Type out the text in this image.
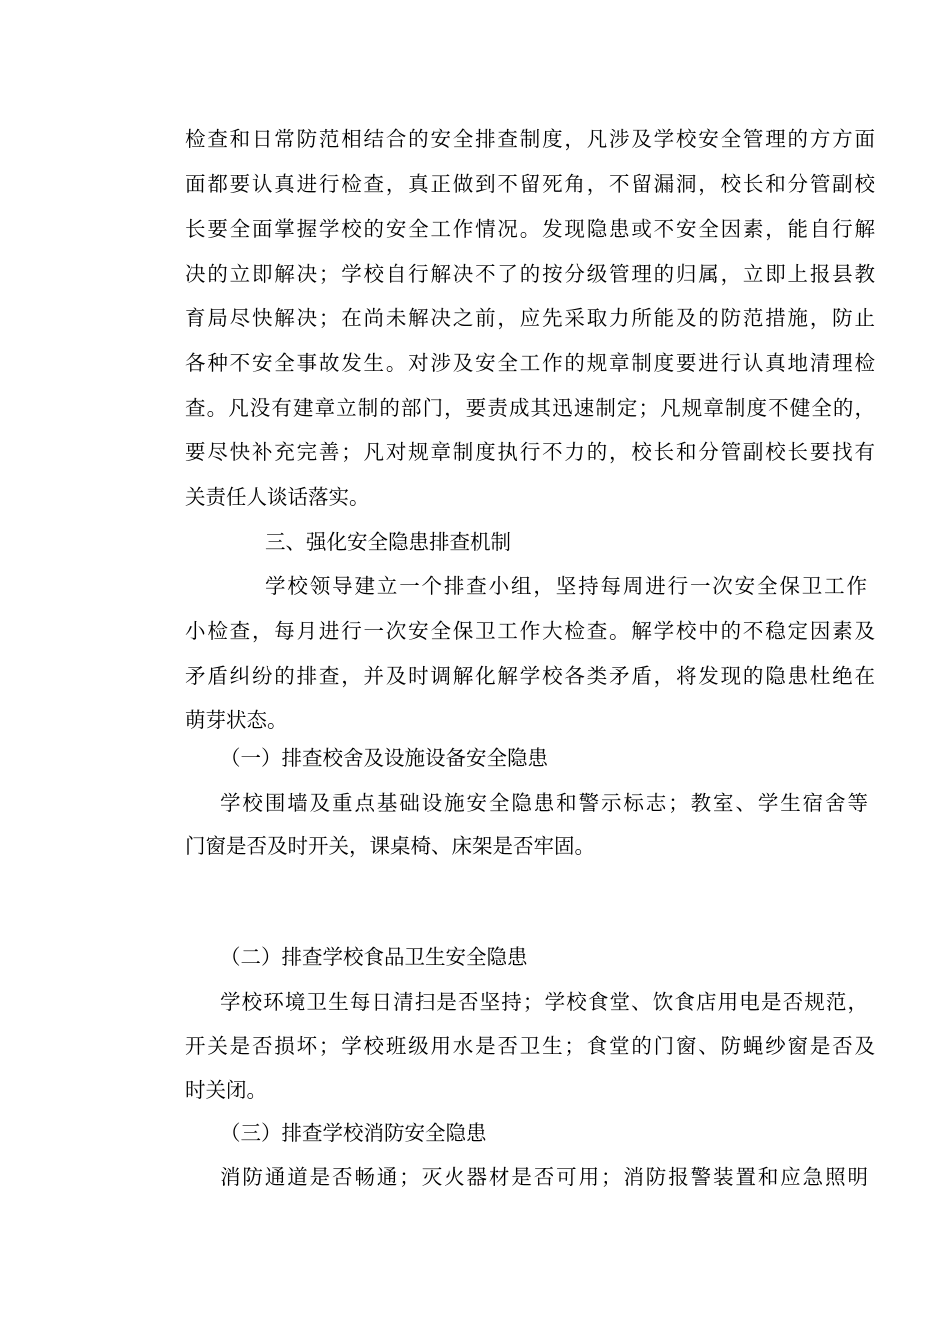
检查和日常防范相结合的安全排查制度，凡涉及学校安全管理的方方面
面都要认真进行检查，真正做到不留死角，不留漏洞，校长和分管副校
长要全面掌握学校的安全工作情况。发现隐患或不安全因素，能自行解
决的立即解决；学校自行解决不了的按分级管理的归属，立即上报县教
育局尽快解决；在尚未解决之前，应先采取力所能及的防范措施，防止
各种不安全事故发生。对涉及安全工作的规章制度要进行认真地清理检
查。凡没有建章立制的部门，要责成其迅速制定；凡规章制度不健全的，
要尽快补充完善；凡对规章制度执行不力的，校长和分管副校长要找有
关责任人谈话落实。
三、强化安全隐患排查机制
学校领导建立一个排查小组，坚持每周进行一次安全保卫工作
小检查，每月进行一次安全保卫工作大检查。解学校中的不稳定因素及
矛盾纠纷的排查，并及时调解化解学校各类矛盾，将发现的隐患杜绝在
萌芽状态。
（一）排查校舍及设施设备安全隐患
学校围墙及重点基础设施安全隐患和警示标志；教室、学生宿舍等
门窗是否及时开关，课桌椅、床架是否牢固。
（二）排查学校食品卫生安全隐患
学校环境卫生每日清扫是否坚持；学校食堂、饮食店用电是否规范，
开关是否损坏；学校班级用水是否卫生；食堂的门窗、防蝇纱窗是否及
时关闭。
（三）排查学校消防安全隐患
消防通道是否畅通；灭火器材是否可用；消防报警装置和应急照明
